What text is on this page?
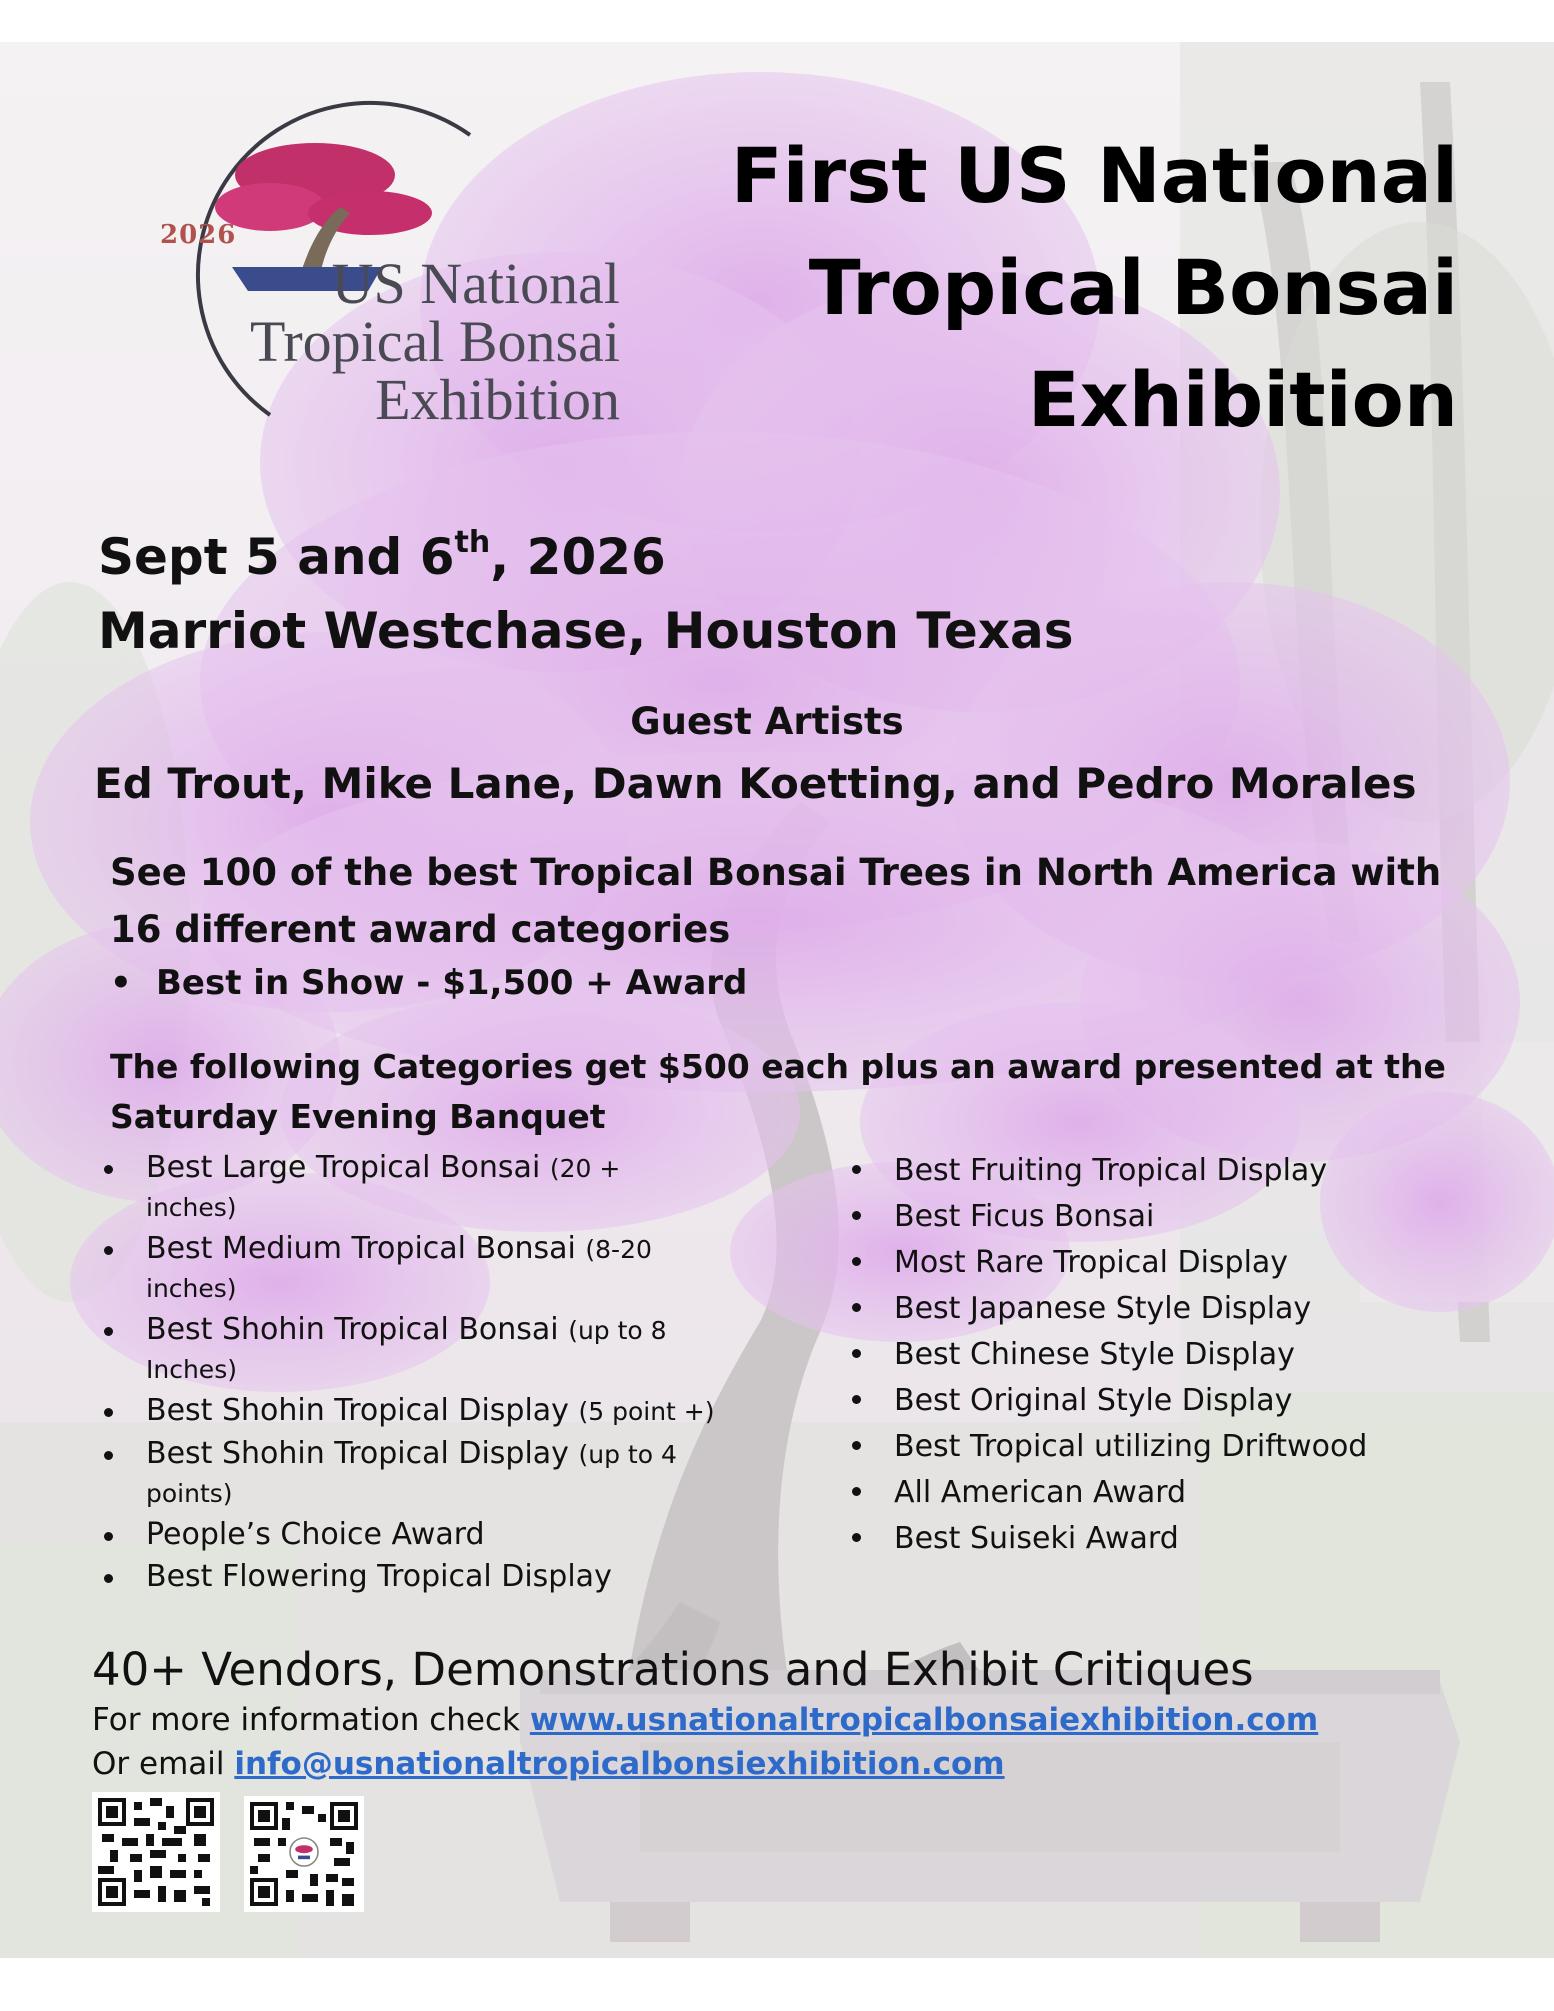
2026
US National
Tropical Bonsai
Exhibition
First US National
Tropical Bonsai
Exhibition
Sept 5 and 6th, 2026
Marriot Westchase, Houston Texas
Guest Artists
Ed Trout, Mike Lane, Dawn Koetting, and Pedro Morales
See 100 of the best Tropical Bonsai Trees in North America with
16 different award categories
• Best in Show - $1,500 + Award
The following Categories get $500 each plus an award presented at the
Saturday Evening Banquet
Best Large Tropical Bonsai (20 +
inches)
Best Medium Tropical Bonsai (8-20
inches)
Best Shohin Tropical Bonsai (up to 8
Inches)
Best Shohin Tropical Display (5 point +)
Best Shohin Tropical Display (up to 4
points)
People’s Choice Award
Best Flowering Tropical Display
Best Fruiting Tropical Display
Best Ficus Bonsai
Most Rare Tropical Display
Best Japanese Style Display
Best Chinese Style Display
Best Original Style Display
Best Tropical utilizing Driftwood
All American Award
Best Suiseki Award
40+ Vendors, Demonstrations and Exhibit Critiques
For more information check www.usnationaltropicalbonsaiexhibition.com
Or email info@usnationaltropicalbonsiexhibition.com
